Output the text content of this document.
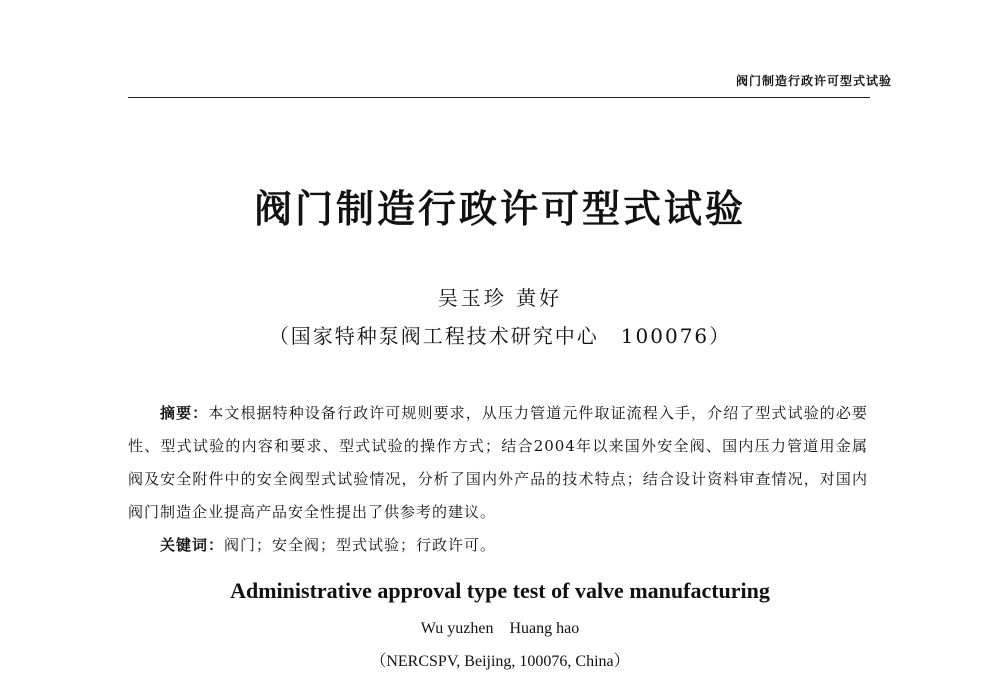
阀门制造行政许可型式试验
阀门制造行政许可型式试验
吴玉珍 黄好
（国家特种泵阀工程技术研究中心　100076）

摘要：本文根据特种设备行政许可规则要求，从压力管道元件取证流程入手，介绍了型式试验的必要性、型式试验的内容和要求、型式试验的操作方式；结合2004年以来国外安全阀、国内压力管道用金属阀及安全附件中的安全阀型式试验情况，分析了国内外产品的技术特点；结合设计资料审查情况，对国内阀门制造企业提高产品安全性提出了供参考的建议。

关键词：阀门；安全阀；型式试验；行政许可。

Administrative approval type test of valve manufacturing
Wu yuzhen　Huang hao
（NERCSPV, Beijing, 100076, China）
